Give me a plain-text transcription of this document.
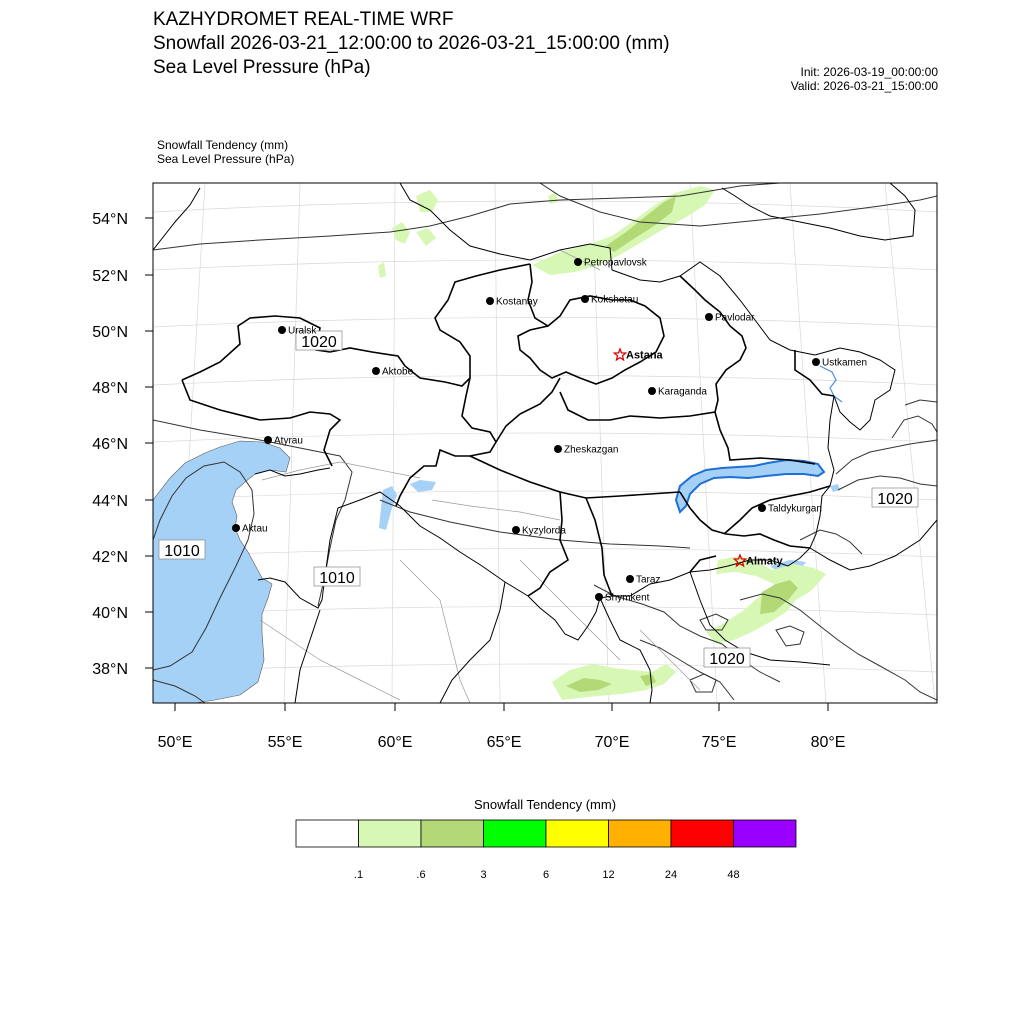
KAZHYDROMET REAL-TIME WRF
Snowfall 2026-03-21_12:00:00 to 2026-03-21_15:00:00 (mm)
Sea Level Pressure (hPa)	Init: 2026-03-19_00:00:00
Valid: 2026-03-21_15:00:00
Snowfall Tendency (mm)
Sea Level Pressure (hPa)
54°N
52°N
50°N
48°N
46°N
44°N
42°N
40°N
38°N
50°E	55°E	60°E	65°E	70°E	75°E	80°E
1020
1010
1010
1020
1020
Petropavlovsk
Kostanay	Kokshetau
Pavlodar
Uralsk
Astana
Aktobe
Ustkamen
Karaganda
Atyrau
Zheskazgan
Aktau	Kyzylorda
Taldykurgan
Almaty
Taraz
Shymkent
.1	.6	3	6	12	24	48
Snowfall Tendency (mm)
